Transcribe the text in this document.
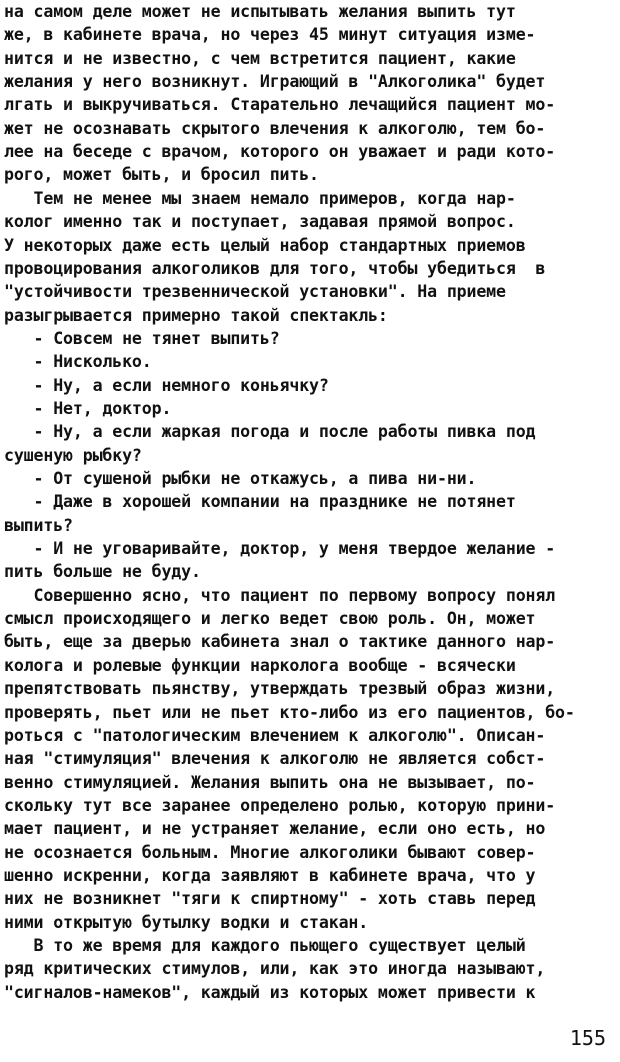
на самом деле может не испытывать желания выпить тут
же, в кабинете врача, но через 45 минут ситуация изме-
нится и не известно, с чем встретится пациент, какие
желания у него возникнут. Играющий в "Алкоголика" будет
лгать и выкручиваться. Старательно лечащийся пациент мо-
жет не осознавать скрытого влечения к алкоголю, тем бо-
лее на беседе с врачом, которого он уважает и ради кото-
рого, может быть, и бросил пить.
Тем не менее мы знаем немало примеров, когда нар-
колог именно так и поступает, задавая прямой вопрос.
У некоторых даже есть целый набор стандартных приемов
провоцирования алкоголиков для того, чтобы убедиться  в
"устойчивости трезвеннической установки". На приеме
разыгрывается примерно такой спектакль:
- Совсем не тянет выпить?
- Нисколько.
- Ну, а если немного коньячку?
- Нет, доктор.
- Ну, а если жаркая погода и после работы пивка под
сушеную рыбку?
- От сушеной рыбки не откажусь, а пива ни-ни.
- Даже в хорошей компании на празднике не потянет
выпить?
- И не уговаривайте, доктор, у меня твердое желание -
пить больше не буду.
Совершенно ясно, что пациент по первому вопросу понял
смысл происходящего и легко ведет свою роль. Он, может
быть, еще за дверью кабинета знал о тактике данного нар-
колога и ролевые функции нарколога вообще - всячески
препятствовать пьянству, утверждать трезвый образ жизни,
проверять, пьет или не пьет кто-либо из его пациентов, бо-
роться с "патологическим влечением к алкоголю". Описан-
ная "стимуляция" влечения к алкоголю не является собст-
венно стимуляцией. Желания выпить она не вызывает, по-
скольку тут все заранее определено ролью, которую прини-
мает пациент, и не устраняет желание, если оно есть, но
не осознается больным. Многие алкоголики бывают совер-
шенно искренни, когда заявляют в кабинете врача, что у
них не возникнет "тяги к спиртному" - хоть ставь перед
ними открытую бутылку водки и стакан.
В то же время для каждого пьющего существует целый
ряд критических стимулов, или, как это иногда называют,
"сигналов-намеков", каждый из которых может привести к
155
